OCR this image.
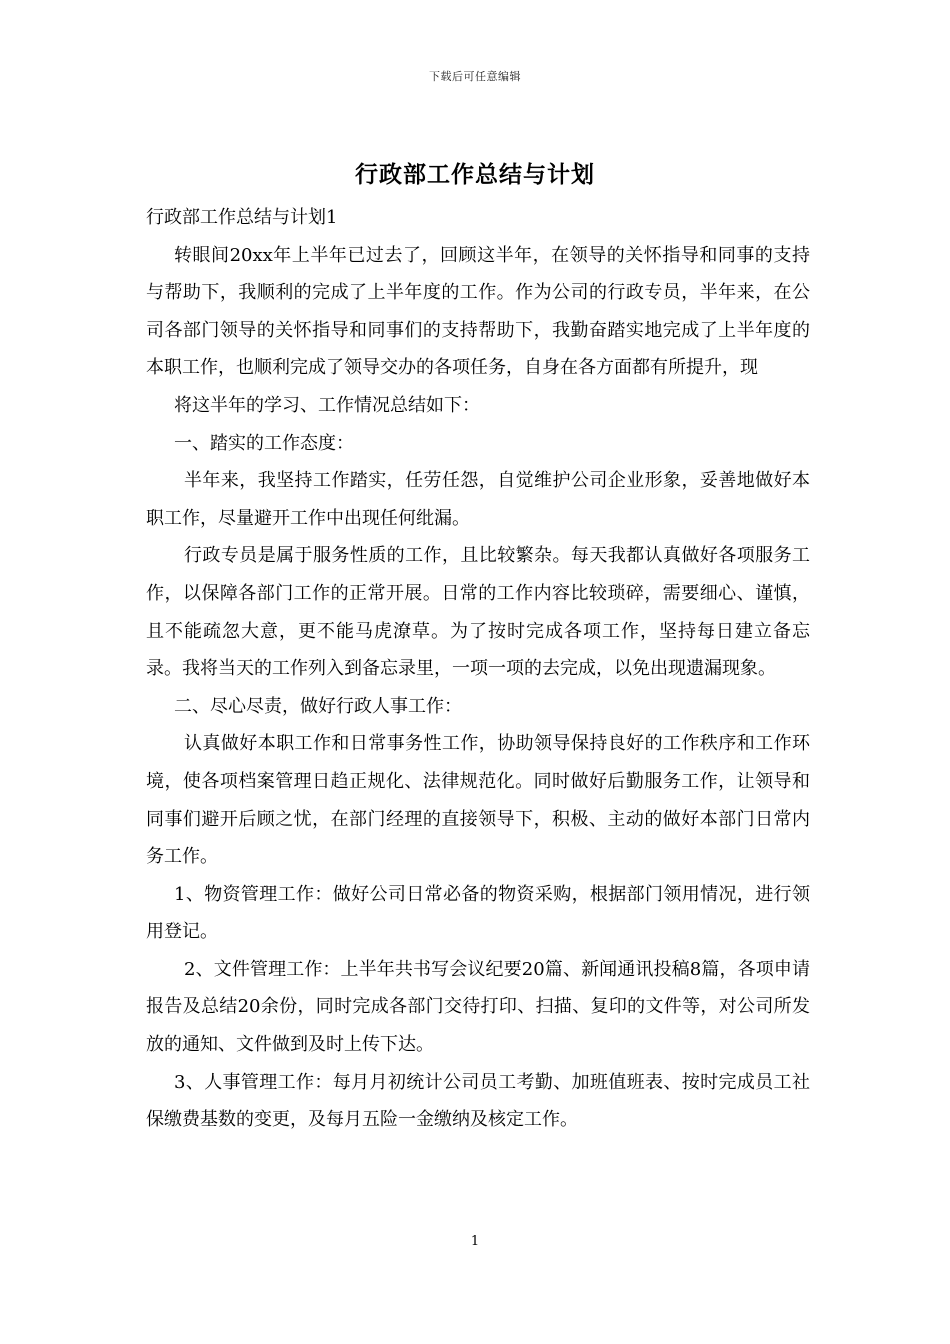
下载后可任意编辑
行政部工作总结与计划

行政部工作总结与计划1

转眼间20xx年上半年已过去了，回顾这半年，在领导的关怀指导和同事的支持与帮助下，我顺利的完成了上半年度的工作。作为公司的行政专员，半年来，在公司各部门领导的关怀指导和同事们的支持帮助下，我勤奋踏实地完成了上半年度的本职工作，也顺利完成了领导交办的各项任务，自身在各方面都有所提升，现

将这半年的学习、工作情况总结如下：

一、踏实的工作态度：

半年来，我坚持工作踏实，任劳任怨，自觉维护公司企业形象，妥善地做好本职工作，尽量避开工作中出现任何纰漏。

行政专员是属于服务性质的工作，且比较繁杂。每天我都认真做好各项服务工作，以保障各部门工作的正常开展。日常的工作内容比较琐碎，需要细心、谨慎，且不能疏忽大意，更不能马虎潦草。为了按时完成各项工作，坚持每日建立备忘录。我将当天的工作列入到备忘录里，一项一项的去完成，以免出现遗漏现象。

二、尽心尽责，做好行政人事工作：

认真做好本职工作和日常事务性工作，协助领导保持良好的工作秩序和工作环境，使各项档案管理日趋正规化、法律规范化。同时做好后勤服务工作，让领导和同事们避开后顾之忧，在部门经理的直接领导下，积极、主动的做好本部门日常内务工作。

1、物资管理工作：做好公司日常必备的物资采购，根据部门领用情况，进行领用登记。

2、文件管理工作：上半年共书写会议纪要20篇、新闻通讯投稿8篇，各项申请报告及总结20余份，同时完成各部门交待打印、扫描、复印的文件等，对公司所发放的通知、文件做到及时上传下达。

3、人事管理工作：每月月初统计公司员工考勤、加班值班表、按时完成员工社保缴费基数的变更，及每月五险一金缴纳及核定工作。

1
